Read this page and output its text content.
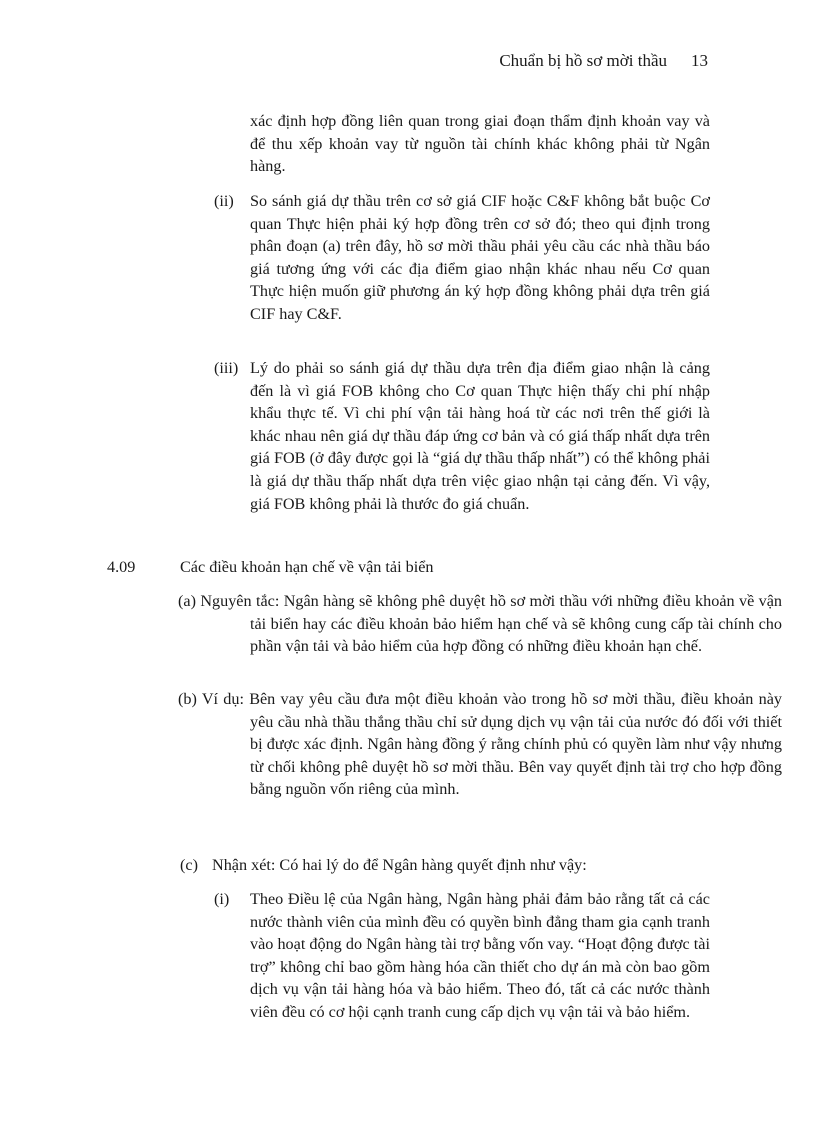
Chuẩn bị hồ sơ mời thầu 13

xác định hợp đồng liên quan trong giai đoạn thẩm định khoản vay và để thu xếp khoản vay từ nguồn tài chính khác không phải từ Ngân hàng.

(ii) So sánh giá dự thầu trên cơ sở giá CIF hoặc C&F không bắt buộc Cơ quan Thực hiện phải ký hợp đồng trên cơ sở đó; theo qui định trong phân đoạn (a) trên đây, hồ sơ mời thầu phải yêu cầu các nhà thầu báo giá tương ứng với các địa điểm giao nhận khác nhau nếu Cơ quan Thực hiện muốn giữ phương án ký hợp đồng không phải dựa trên giá CIF hay C&F.

(iii) Lý do phải so sánh giá dự thầu dựa trên địa điểm giao nhận là cảng đến là vì giá FOB không cho Cơ quan Thực hiện thấy chi phí nhập khẩu thực tế. Vì chi phí vận tải hàng hoá từ các nơi trên thế giới là khác nhau nên giá dự thầu đáp ứng cơ bản và có giá thấp nhất dựa trên giá FOB (ở đây được gọi là “giá dự thầu thấp nhất”) có thể không phải là giá dự thầu thấp nhất dựa trên việc giao nhận tại cảng đến. Vì vậy, giá FOB không phải là thước đo giá chuẩn.

4.09	Các điều khoản hạn chế về vận tải biển

(a) Nguyên tắc: Ngân hàng sẽ không phê duyệt hồ sơ mời thầu với những điều khoản về vận tải biển hay các điều khoản bảo hiểm hạn chế và sẽ không cung cấp tài chính cho phần vận tải và bảo hiểm của hợp đồng có những điều khoản hạn chế.

(b) Ví dụ: Bên vay yêu cầu đưa một điều khoản vào trong hồ sơ mời thầu, điều khoản này yêu cầu nhà thầu thắng thầu chỉ sử dụng dịch vụ vận tải của nước đó đối với thiết bị được xác định. Ngân hàng đồng ý rằng chính phủ có quyền làm như vậy nhưng từ chối không phê duyệt hồ sơ mời thầu. Bên vay quyết định tài trợ cho hợp đồng bằng nguồn vốn riêng của mình.

(c) Nhận xét: Có hai lý do để Ngân hàng quyết định như vậy:
(i) Theo Điều lệ của Ngân hàng, Ngân hàng phải đảm bảo rằng tất cả các nước thành viên của mình đều có quyền bình đẳng tham gia cạnh tranh vào hoạt động do Ngân hàng tài trợ bằng vốn vay. “Hoạt động được tài trợ” không chỉ bao gồm hàng hóa cần thiết cho dự án mà còn bao gồm dịch vụ vận tải hàng hóa và bảo hiểm. Theo đó, tất cả các nước thành viên đều có cơ hội cạnh tranh cung cấp dịch vụ vận tải và bảo hiểm.
